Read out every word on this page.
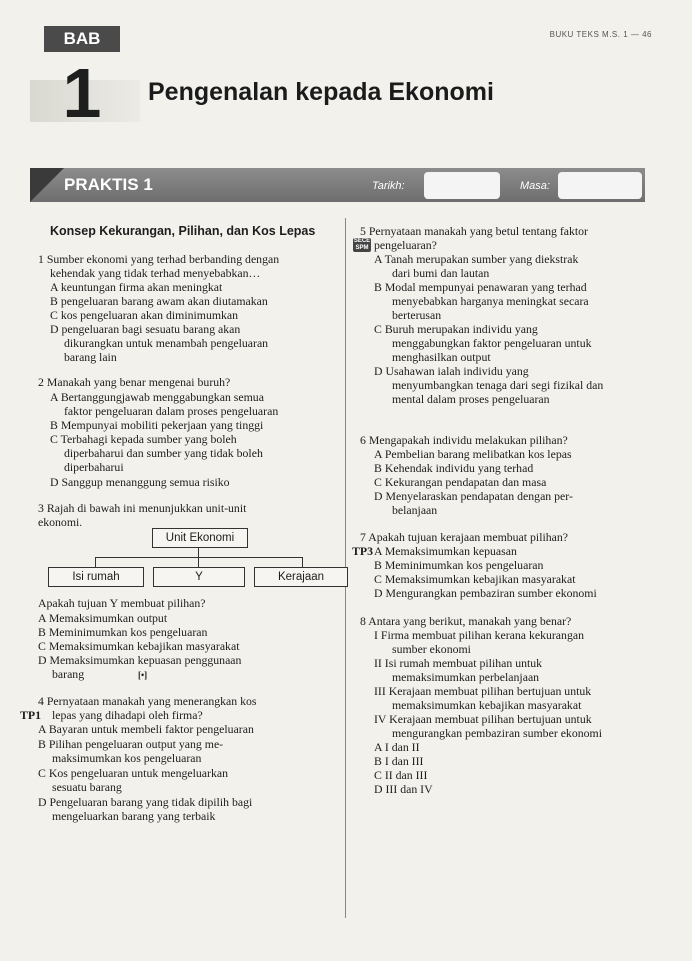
BAB	BUKU TEKS M.S. 1 — 46
1	Pengenalan kepada Ekonomi
PRAKTIS 1	Tarikh:	Masa:
Konsep Kekurangan, Pilihan, dan Kos Lepas
1 Sumber ekonomi yang terhad berbanding dengan
kehendak yang tidak terhad menyebabkan…
A keuntungan firma akan meningkat
B pengeluaran barang awam akan diutamakan
C kos pengeluaran akan diminimumkan
D pengeluaran bagi sesuatu barang akan
dikurangkan untuk menambah pengeluaran
barang lain
2 Manakah yang benar mengenai buruh?
A Bertanggungjawab menggabungkan semua
faktor pengeluaran dalam proses pengeluaran
B Mempunyai mobiliti pekerjaan yang tinggi
C Terbahagi kepada sumber yang boleh
diperbaharui dan sumber yang tidak boleh
diperbaharui
D Sanggup menanggung semua risiko
3 Rajah di bawah ini menunjukkan unit-unit
ekonomi.
Unit Ekonomi
Isi rumah	Y	Kerajaan
Apakah tujuan Y membuat pilihan?
A Memaksimumkan output
B Meminimumkan kos pengeluaran
C Memaksimumkan kebajikan masyarakat
D Memaksimumkan kepuasan penggunaan
barang	[•]
4 Pernyataan manakah yang menerangkan kos
TP1 lepas yang dihadapi oleh firma?
A Bayaran untuk membeli faktor pengeluaran
B Pilihan pengeluaran output yang me-
maksimumkan kos pengeluaran
C Kos pengeluaran untuk mengeluarkan
sesuatu barang
D Pengeluaran barang yang tidak dipilih bagi
mengeluarkan barang yang terbaik
5 Pernyataan manakah yang betul tentang faktor
SECE SPM pengeluaran?
A Tanah merupakan sumber yang diekstrak
dari bumi dan lautan
B Modal mempunyai penawaran yang terhad
menyebabkan harganya meningkat secara
berterusan
C Buruh merupakan individu yang
menggabungkan faktor pengeluaran untuk
menghasilkan output
D Usahawan ialah individu yang
menyumbangkan tenaga dari segi fizikal dan
mental dalam proses pengeluaran
6 Mengapakah individu melakukan pilihan?
A Pembelian barang melibatkan kos lepas
B Kehendak individu yang terhad
C Kekurangan pendapatan dan masa
D Menyelaraskan pendapatan dengan per-
belanjaan
7 Apakah tujuan kerajaan membuat pilihan?
TP3 A Memaksimumkan kepuasan
B Meminimumkan kos pengeluaran
C Memaksimumkan kebajikan masyarakat
D Mengurangkan pembaziran sumber ekonomi
8 Antara yang berikut, manakah yang benar?
I Firma membuat pilihan kerana kekurangan
sumber ekonomi
II Isi rumah membuat pilihan untuk
memaksimumkan perbelanjaan
III Kerajaan membuat pilihan bertujuan untuk
memaksimumkan kebajikan masyarakat
IV Kerajaan membuat pilihan bertujuan untuk
mengurangkan pembaziran sumber ekonomi
A I dan II
B I dan III
C II dan III
D III dan IV
